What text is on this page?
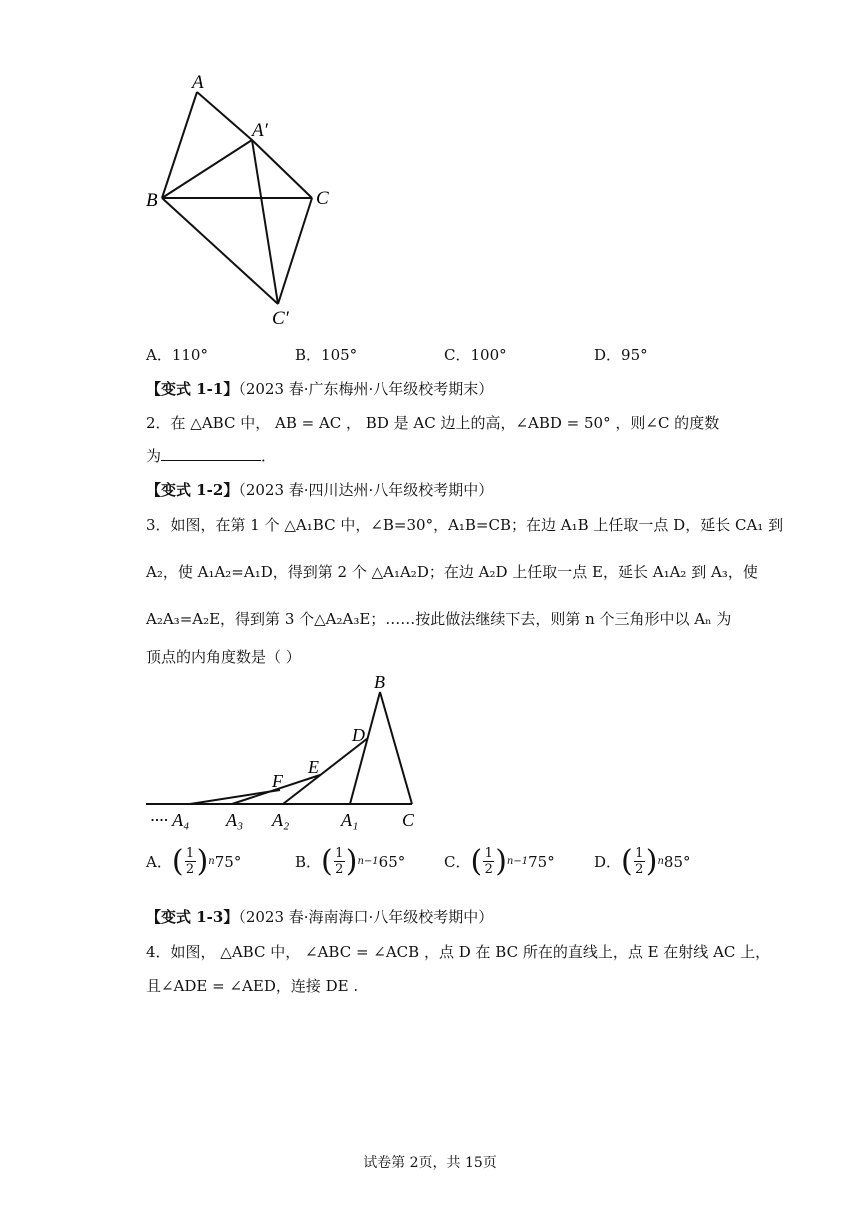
A
A′
B	C
C′
A．110°	B．105°	C．100°	D．95°
【变式 1-1】（2023 春·广东梅州·八年级校考期末）
2．在 △ABC 中， AB = AC ， BD 是 AC 边上的高，∠ABD = 50° ，则∠C 的度数
为	．
【变式 1-2】（2023 春·四川达州·八年级校考期中）
3．如图，在第 1 个 △A₁BC 中，∠B=30°，A₁B=CB；在边 A₁B 上任取一点 D，延长 CA₁ 到
A₂，使 A₁A₂=A₁D，得到第 2 个 △A₁A₂D；在边 A₂D 上任取一点 E，延长 A₁A₂ 到 A₃，使
A₂A₃=A₂E，得到第 3 个△A₂A₃E；……按此做法继续下去，则第 n 个三角形中以 Aₙ 为
顶点的内角度数是（ ）
B
D
E
F
···· A₄ A₃ A₂	A₁ C
A． ( $\frac{1}{2}$ ) n 75°	B． ( $\frac{1}{2}$ ) n−1 65°	C． ( $\frac{1}{2}$ ) n−1 75°	D． ( $\frac{1}{2}$ ) n 85°
【变式 1-3】（2023 春·海南海口·八年级校考期中）
4．如图， △ABC 中， ∠ABC = ∠ACB ，点 D 在 BC 所在的直线上，点 E 在射线 AC 上，
且∠ADE = ∠AED，连接 DE .
试卷第 2页，共 15页
